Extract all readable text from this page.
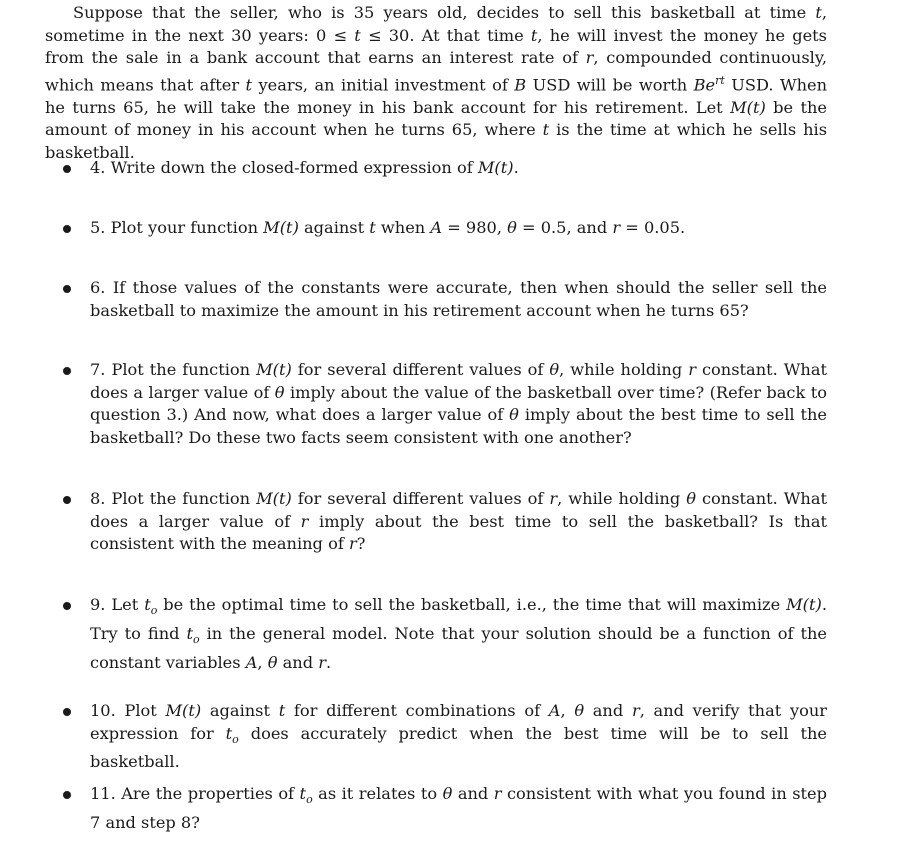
Suppose that the seller, who is 35 years old, decides to sell this basketball at time t, sometime in the next 30 years: 0 ≤ t ≤ 30. At that time t, he will invest the money he gets from the sale in a bank account that earns an interest rate of r, compounded continuously, which means that after t years, an initial investment of B USD will be worth $Be^{rt}$ USD. When he turns 65, he will take the money in his bank account for his retirement. Let M(t) be the amount of money in his account when he turns 65, where t is the time at which he sells his basketball.

4. Write down the closed-formed expression of M(t).
5. Plot your function M(t) against t when A = 980, θ = 0.5, and r = 0.05.
6. If those values of the constants were accurate, then when should the seller sell the basketball to maximize the amount in his retirement account when he turns 65?
7. Plot the function M(t) for several different values of θ, while holding r constant. What does a larger value of θ imply about the value of the basketball over time? (Refer back to question 3.) And now, what does a larger value of θ imply about the best time to sell the basketball? Do these two facts seem consistent with one another?
8. Plot the function M(t) for several different values of r, while holding θ constant. What does a larger value of r imply about the best time to sell the basketball? Is that consistent with the meaning of r?
9. Let $t_o$ be the optimal time to sell the basketball, i.e., the time that will maximize M(t). Try to find $t_o$ in the general model. Note that your solution should be a function of the constant variables A, θ and r.
10. Plot M(t) against t for different combinations of A, θ and r, and verify that your expression for $t_o$ does accurately predict when the best time will be to sell the basketball.
11. Are the properties of $t_o$ as it relates to θ and r consistent with what you found in step 7 and step 8?
